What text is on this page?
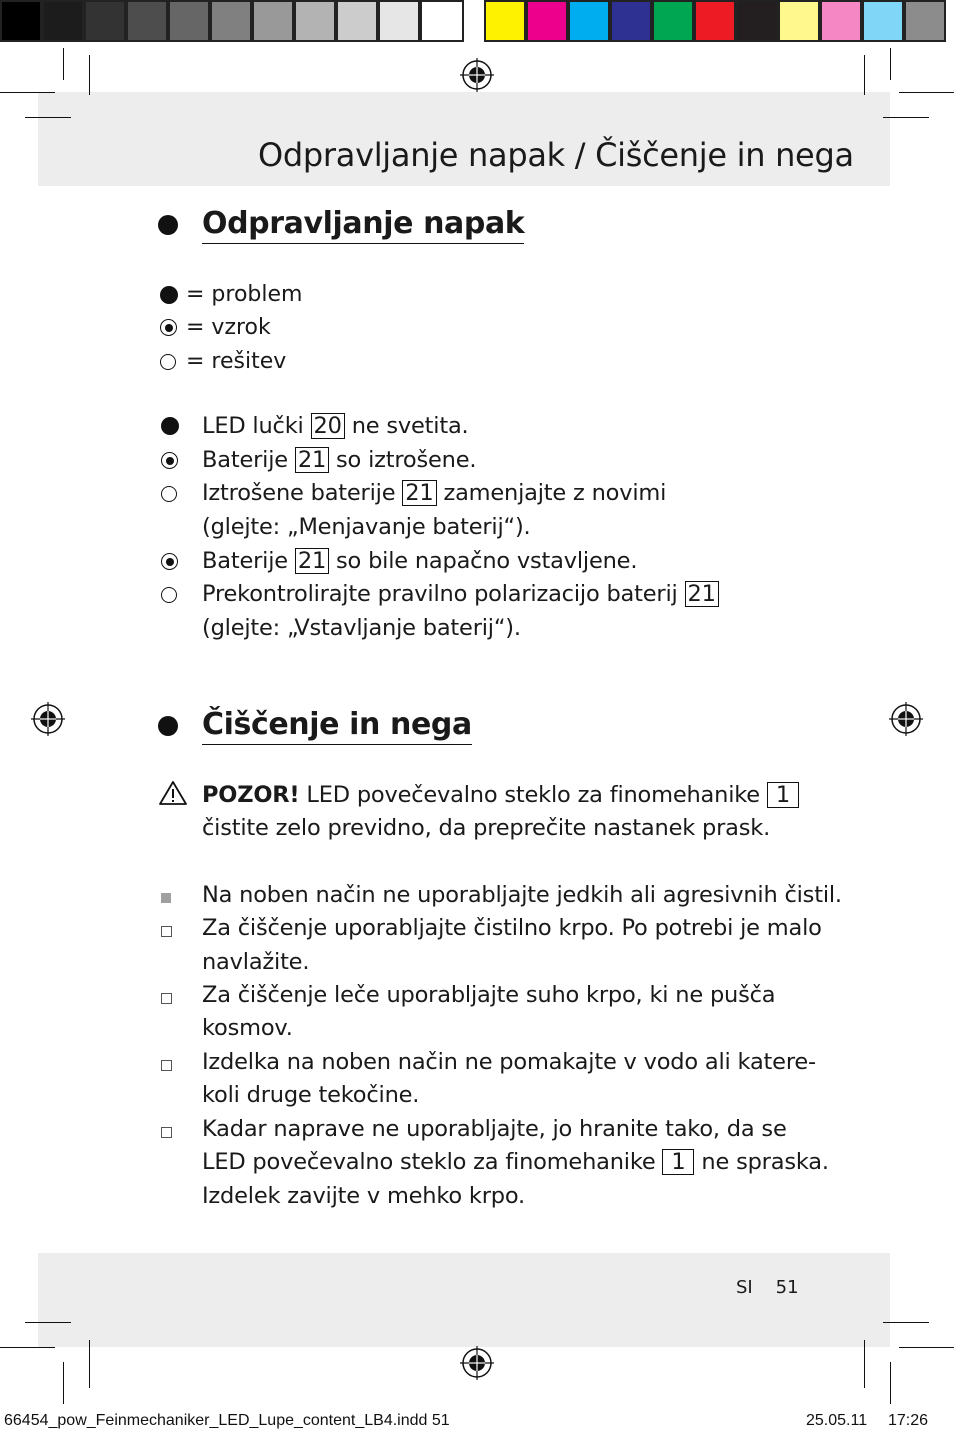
Odpravljanje napak / Čiščenje in nega
Odpravljanje napak
= problem
= vzrok
= rešitev
LED lučki 20 ne svetita.
Baterije 21 so iztrošene.
Iztrošene baterije 21 zamenjajte z novimi
(glejte: „Menjavanje baterij“).
Baterije 21 so bile napačno vstavljene.
Prekontrolirajte pravilno polarizacijo baterij 21
(glejte: „Vstavljanje baterij“).
Čiščenje in nega
POZOR! LED povečevalno steklo za finomehanike 1
čistite zelo previdno, da preprečite nastanek prask.
Na noben način ne uporabljajte jedkih ali agresivnih čistil.
Za čiščenje uporabljajte čistilno krpo. Po potrebi je malo
navlažite.
Za čiščenje leče uporabljajte suho krpo, ki ne pušča
kosmov.
Izdelka na noben način ne pomakajte v vodo ali katere-
koli druge tekočine.
Kadar naprave ne uporabljajte, jo hranite tako, da se
LED povečevalno steklo za finomehanike 1 ne spraska.
Izdelek zavijte v mehko krpo.
SI 51
66454_pow_Feinmechaniker_LED_Lupe_content_LB4.indd 51	25.05.11 17:26
